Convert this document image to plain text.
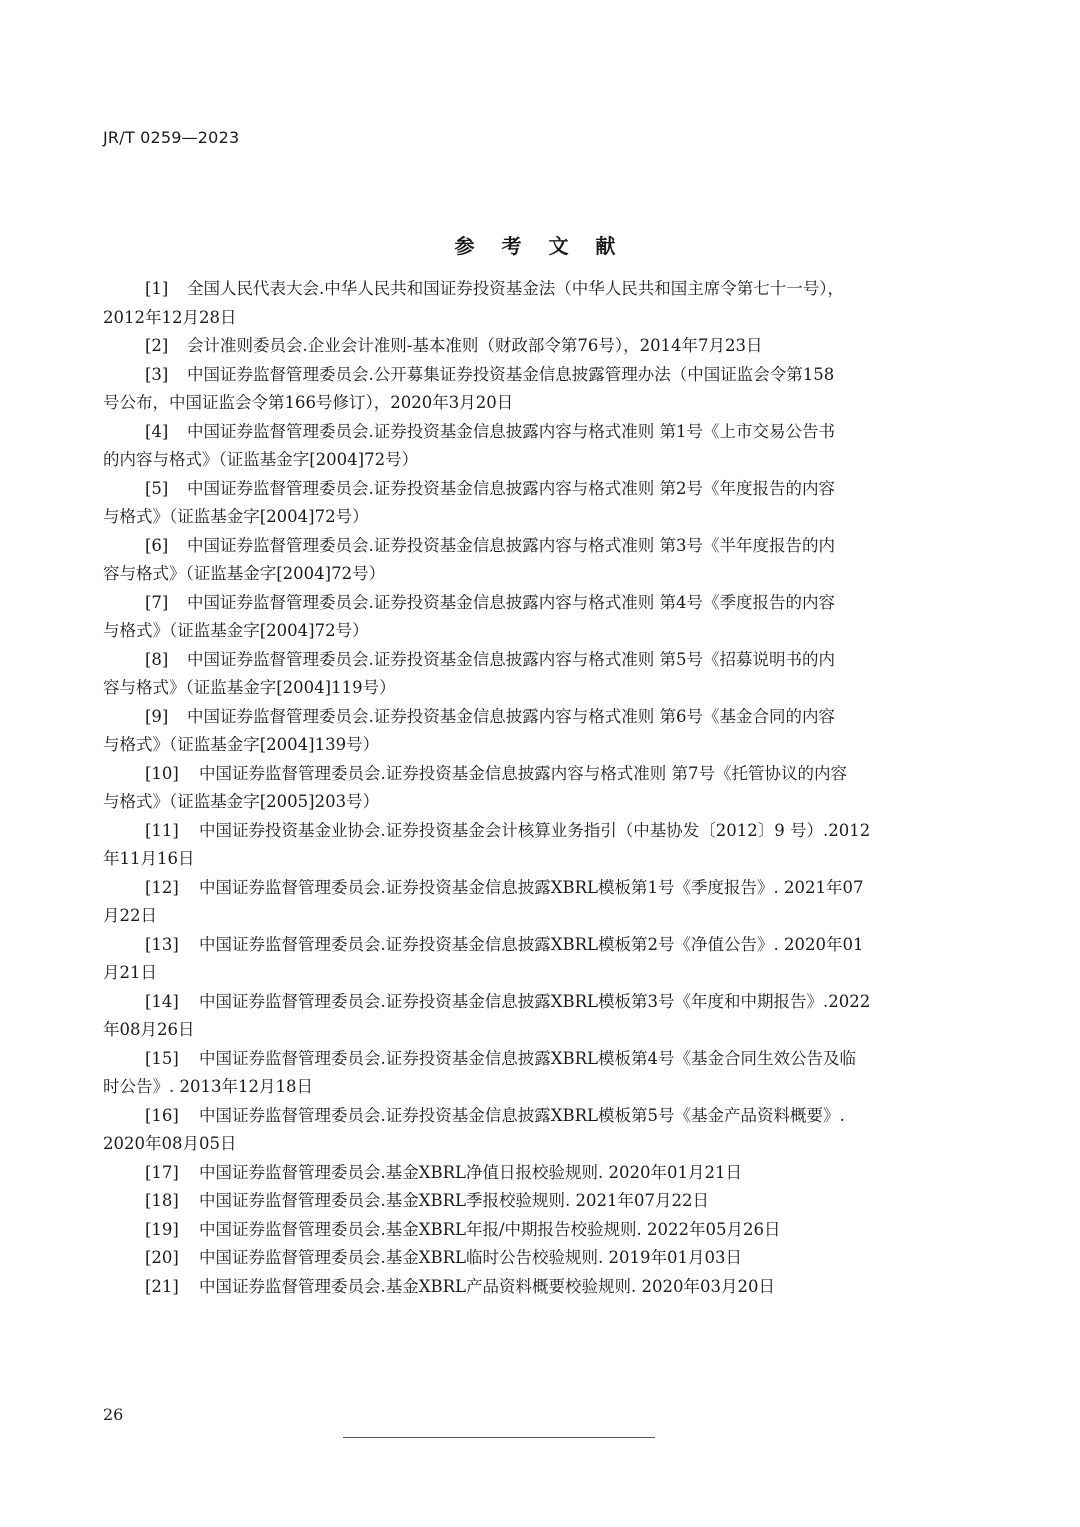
JR/T 0259—2023
参 考 文 献
[1] 全国人民代表大会.中华人民共和国证券投资基金法（中华人民共和国主席令第七十一号），
2012年12月28日
[2] 会计准则委员会.企业会计准则-基本准则（财政部令第76号），2014年7月23日
[3] 中国证券监督管理委员会.公开募集证券投资基金信息披露管理办法（中国证监会令第158
号公布，中国证监会令第166号修订），2020年3月20日
[4] 中国证券监督管理委员会.证券投资基金信息披露内容与格式准则 第1号《上市交易公告书
的内容与格式》（证监基金字[2004]72号）
[5] 中国证券监督管理委员会.证券投资基金信息披露内容与格式准则 第2号《年度报告的内容
与格式》（证监基金字[2004]72号）
[6] 中国证券监督管理委员会.证券投资基金信息披露内容与格式准则 第3号《半年度报告的内
容与格式》（证监基金字[2004]72号）
[7] 中国证券监督管理委员会.证券投资基金信息披露内容与格式准则 第4号《季度报告的内容
与格式》（证监基金字[2004]72号）
[8] 中国证券监督管理委员会.证券投资基金信息披露内容与格式准则 第5号《招募说明书的内
容与格式》（证监基金字[2004]119号）
[9] 中国证券监督管理委员会.证券投资基金信息披露内容与格式准则 第6号《基金合同的内容
与格式》（证监基金字[2004]139号）
[10] 中国证券监督管理委员会.证券投资基金信息披露内容与格式准则 第7号《托管协议的内容
与格式》（证监基金字[2005]203号）
[11] 中国证券投资基金业协会.证券投资基金会计核算业务指引（中基协发〔2012〕9 号）.2012
年11月16日
[12] 中国证券监督管理委员会.证券投资基金信息披露XBRL模板第1号《季度报告》. 2021年07
月22日
[13] 中国证券监督管理委员会.证券投资基金信息披露XBRL模板第2号《净值公告》. 2020年01
月21日
[14] 中国证券监督管理委员会.证券投资基金信息披露XBRL模板第3号《年度和中期报告》.2022
年08月26日
[15] 中国证券监督管理委员会.证券投资基金信息披露XBRL模板第4号《基金合同生效公告及临
时公告》. 2013年12月18日
[16] 中国证券监督管理委员会.证券投资基金信息披露XBRL模板第5号《基金产品资料概要》.
2020年08月05日
[17] 中国证券监督管理委员会.基金XBRL净值日报校验规则. 2020年01月21日
[18] 中国证券监督管理委员会.基金XBRL季报校验规则. 2021年07月22日
[19] 中国证券监督管理委员会.基金XBRL年报/中期报告校验规则. 2022年05月26日
[20] 中国证券监督管理委员会.基金XBRL临时公告校验规则. 2019年01月03日
[21] 中国证券监督管理委员会.基金XBRL产品资料概要校验规则. 2020年03月20日
26
